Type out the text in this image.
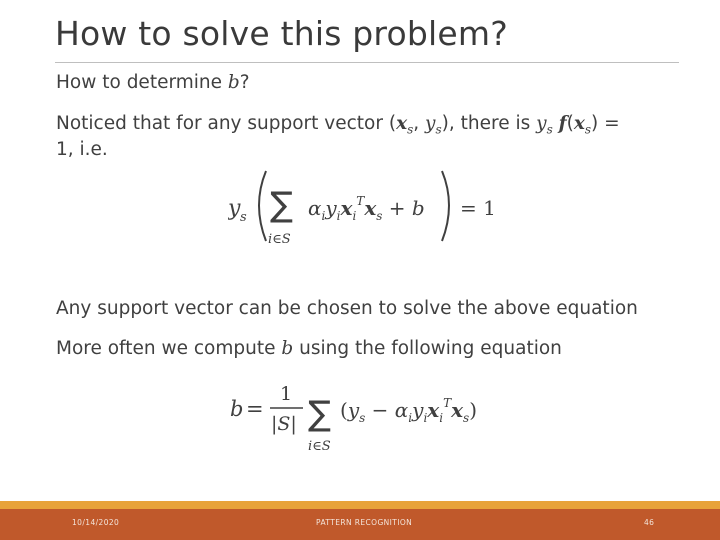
How to solve this problem?
How to determine b?
Noticed that for any support vector ($x_s$, $y_s$), there is $y_s$ $f(x_s)$ =
1, i.e.
y s ∑
i∈S
$\alpha_iy_ix_i^Tx_s + b = 1$
Any support vector can be chosen to solve the above equation
More often we compute b using the following equation
b =
1
|S| ∑
i∈S
$(y_s - \alpha_iy_ix_i^Tx_s)$
10/14/2020	PATTERN RECOGNITION	46
